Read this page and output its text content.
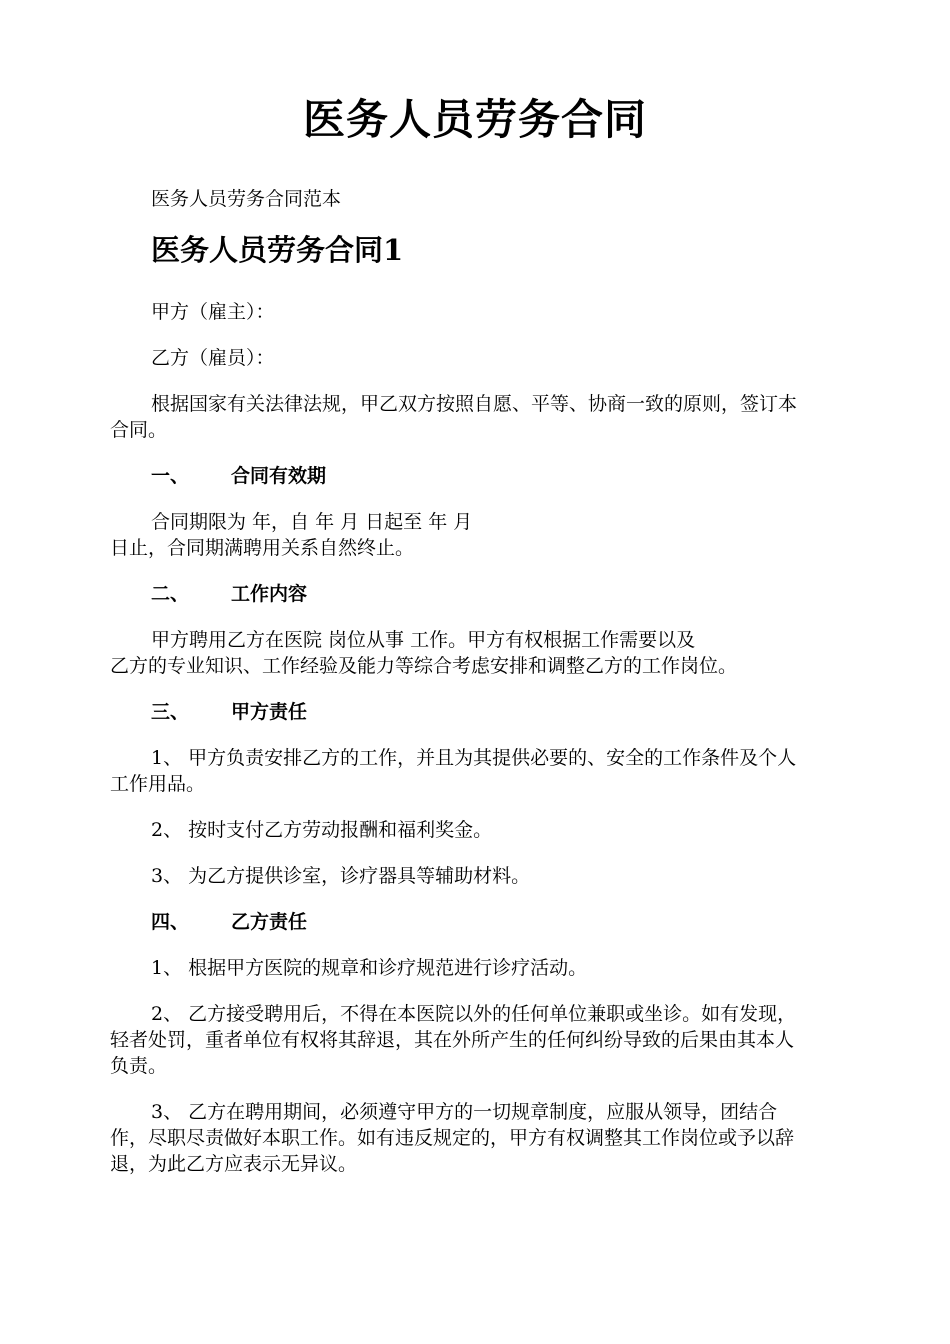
医务人员劳务合同
医务人员劳务合同范本
医务人员劳务合同1
甲方（雇主）：
乙方（雇员）：
根据国家有关法律法规，甲乙双方按照自愿、平等、协商一致的原则，签订本
合同。
一、 合同有效期
合同期限为 年，自 年 月 日起至 年 月
日止，合同期满聘用关系自然终止。
二、 工作内容
甲方聘用乙方在医院 岗位从事 工作。甲方有权根据工作需要以及
乙方的专业知识、工作经验及能力等综合考虑安排和调整乙方的工作岗位。
三、 甲方责任
1、 甲方负责安排乙方的工作，并且为其提供必要的、安全的工作条件及个人
工作用品。
2、 按时支付乙方劳动报酬和福利奖金。
3、 为乙方提供诊室，诊疗器具等辅助材料。
四、 乙方责任
1、 根据甲方医院的规章和诊疗规范进行诊疗活动。
2、 乙方接受聘用后，不得在本医院以外的任何单位兼职或坐诊。如有发现，
轻者处罚，重者单位有权将其辞退，其在外所产生的任何纠纷导致的后果由其本人
负责。
3、 乙方在聘用期间，必须遵守甲方的一切规章制度，应服从领导，团结合
作，尽职尽责做好本职工作。如有违反规定的，甲方有权调整其工作岗位或予以辞
退，为此乙方应表示无异议。
